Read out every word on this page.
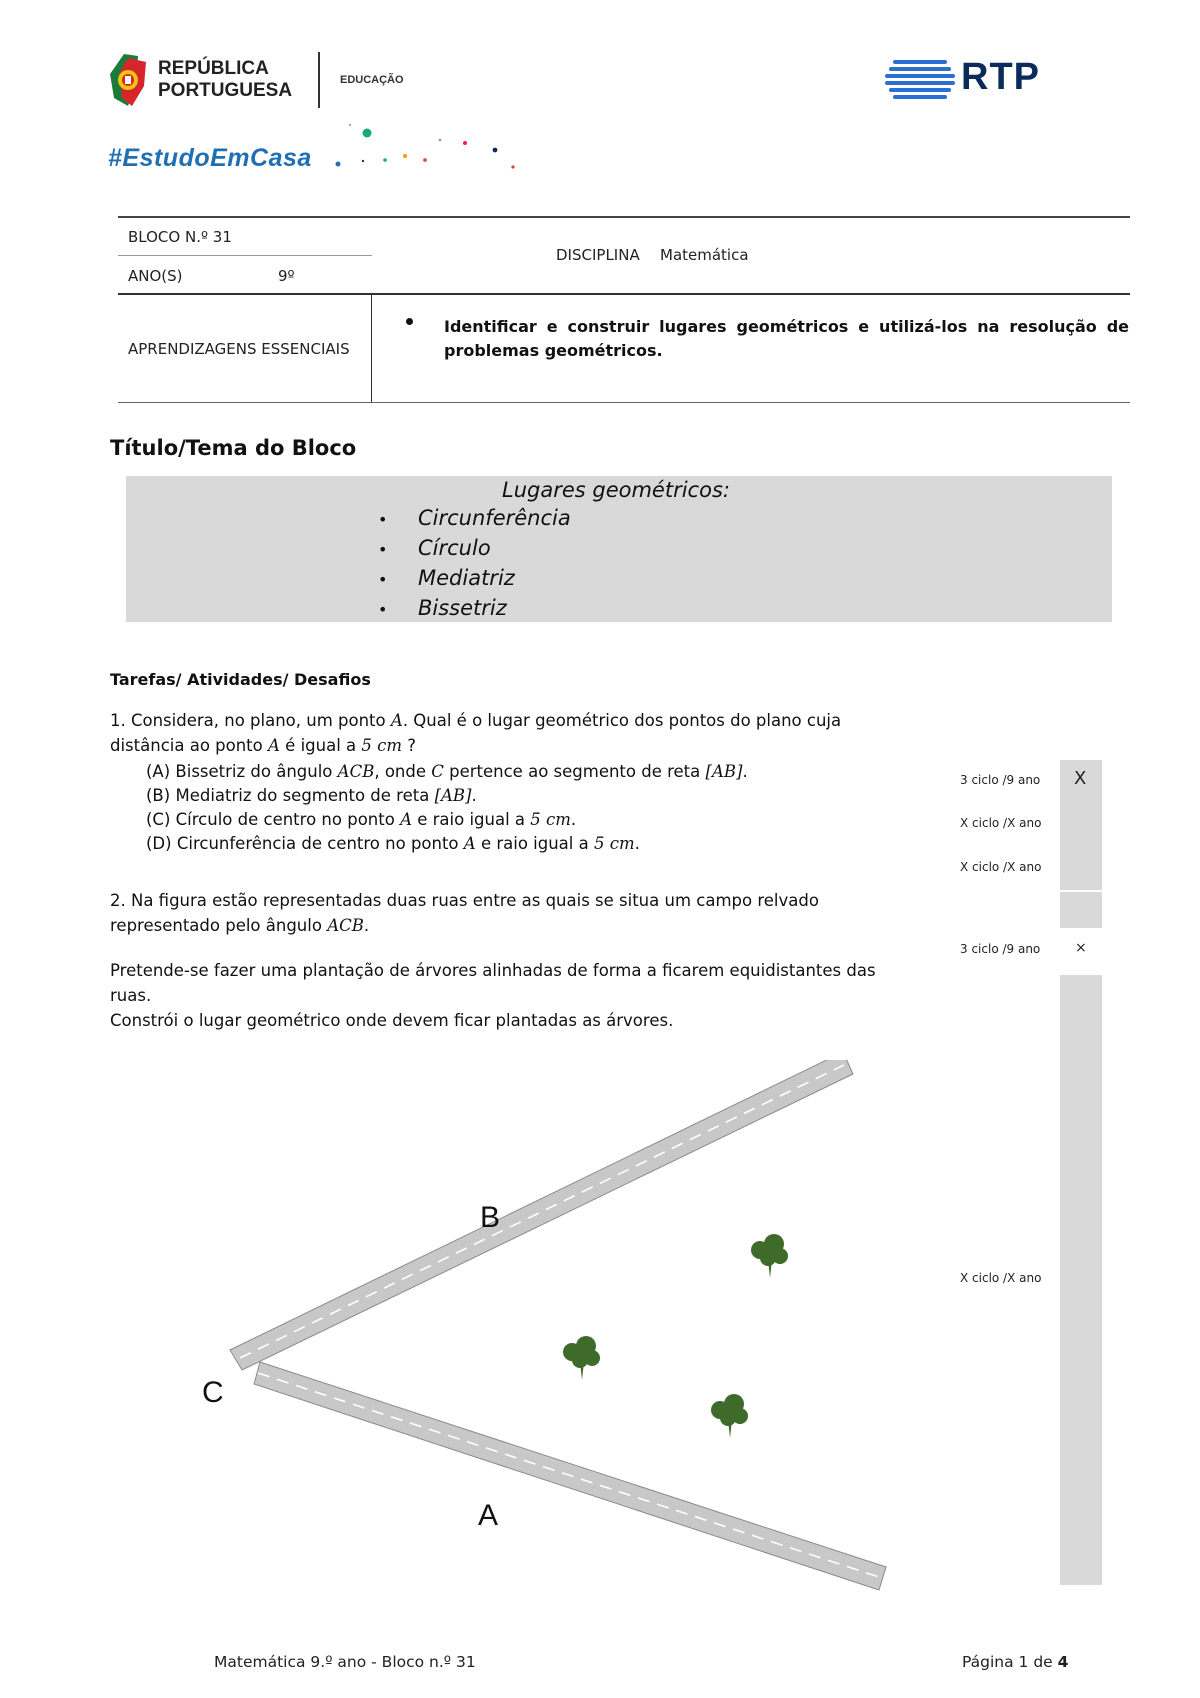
REPÚBLICA
PORTUGUESA	EDUCAÇÃO
#EstudoEmCasa
RTP
BLOCO N.º 31
ANO(S)	9º
DISCIPLINA Matemática
APRENDIZAGENS ESSENCIAIS
Identificar e construir lugares geométricos e utilizá-los na resolução de problemas geométricos.
Título/Tema do Bloco
Lugares geométricos:
• Circunferência
• Círculo
• Mediatriz
• Bissetriz
Tarefas/ Atividades/ Desafios
1. Considera, no plano, um ponto A. Qual é o lugar geométrico dos pontos do plano cuja
distância ao ponto A é igual a 5 cm ?
(A) Bissetriz do ângulo ACB, onde C pertence ao segmento de reta [AB].
(B) Mediatriz do segmento de reta [AB].
(C) Círculo de centro no ponto A e raio igual a 5 cm.
(D) Circunferência de centro no ponto A e raio igual a 5 cm.
2. Na figura estão representadas duas ruas entre as quais se situa um campo relvado
representado pelo ângulo ACB.
Pretende-se fazer uma plantação de árvores alinhadas de forma a ficarem equidistantes das
ruas.
Constrói o lugar geométrico onde devem ficar plantadas as árvores.
X
×
3 ciclo /9 ano
X ciclo /X ano
X ciclo /X ano
3 ciclo /9 ano
X ciclo /X ano
B
C
A
Matemática 9.º ano - Bloco n.º 31	Página 1 de 4
